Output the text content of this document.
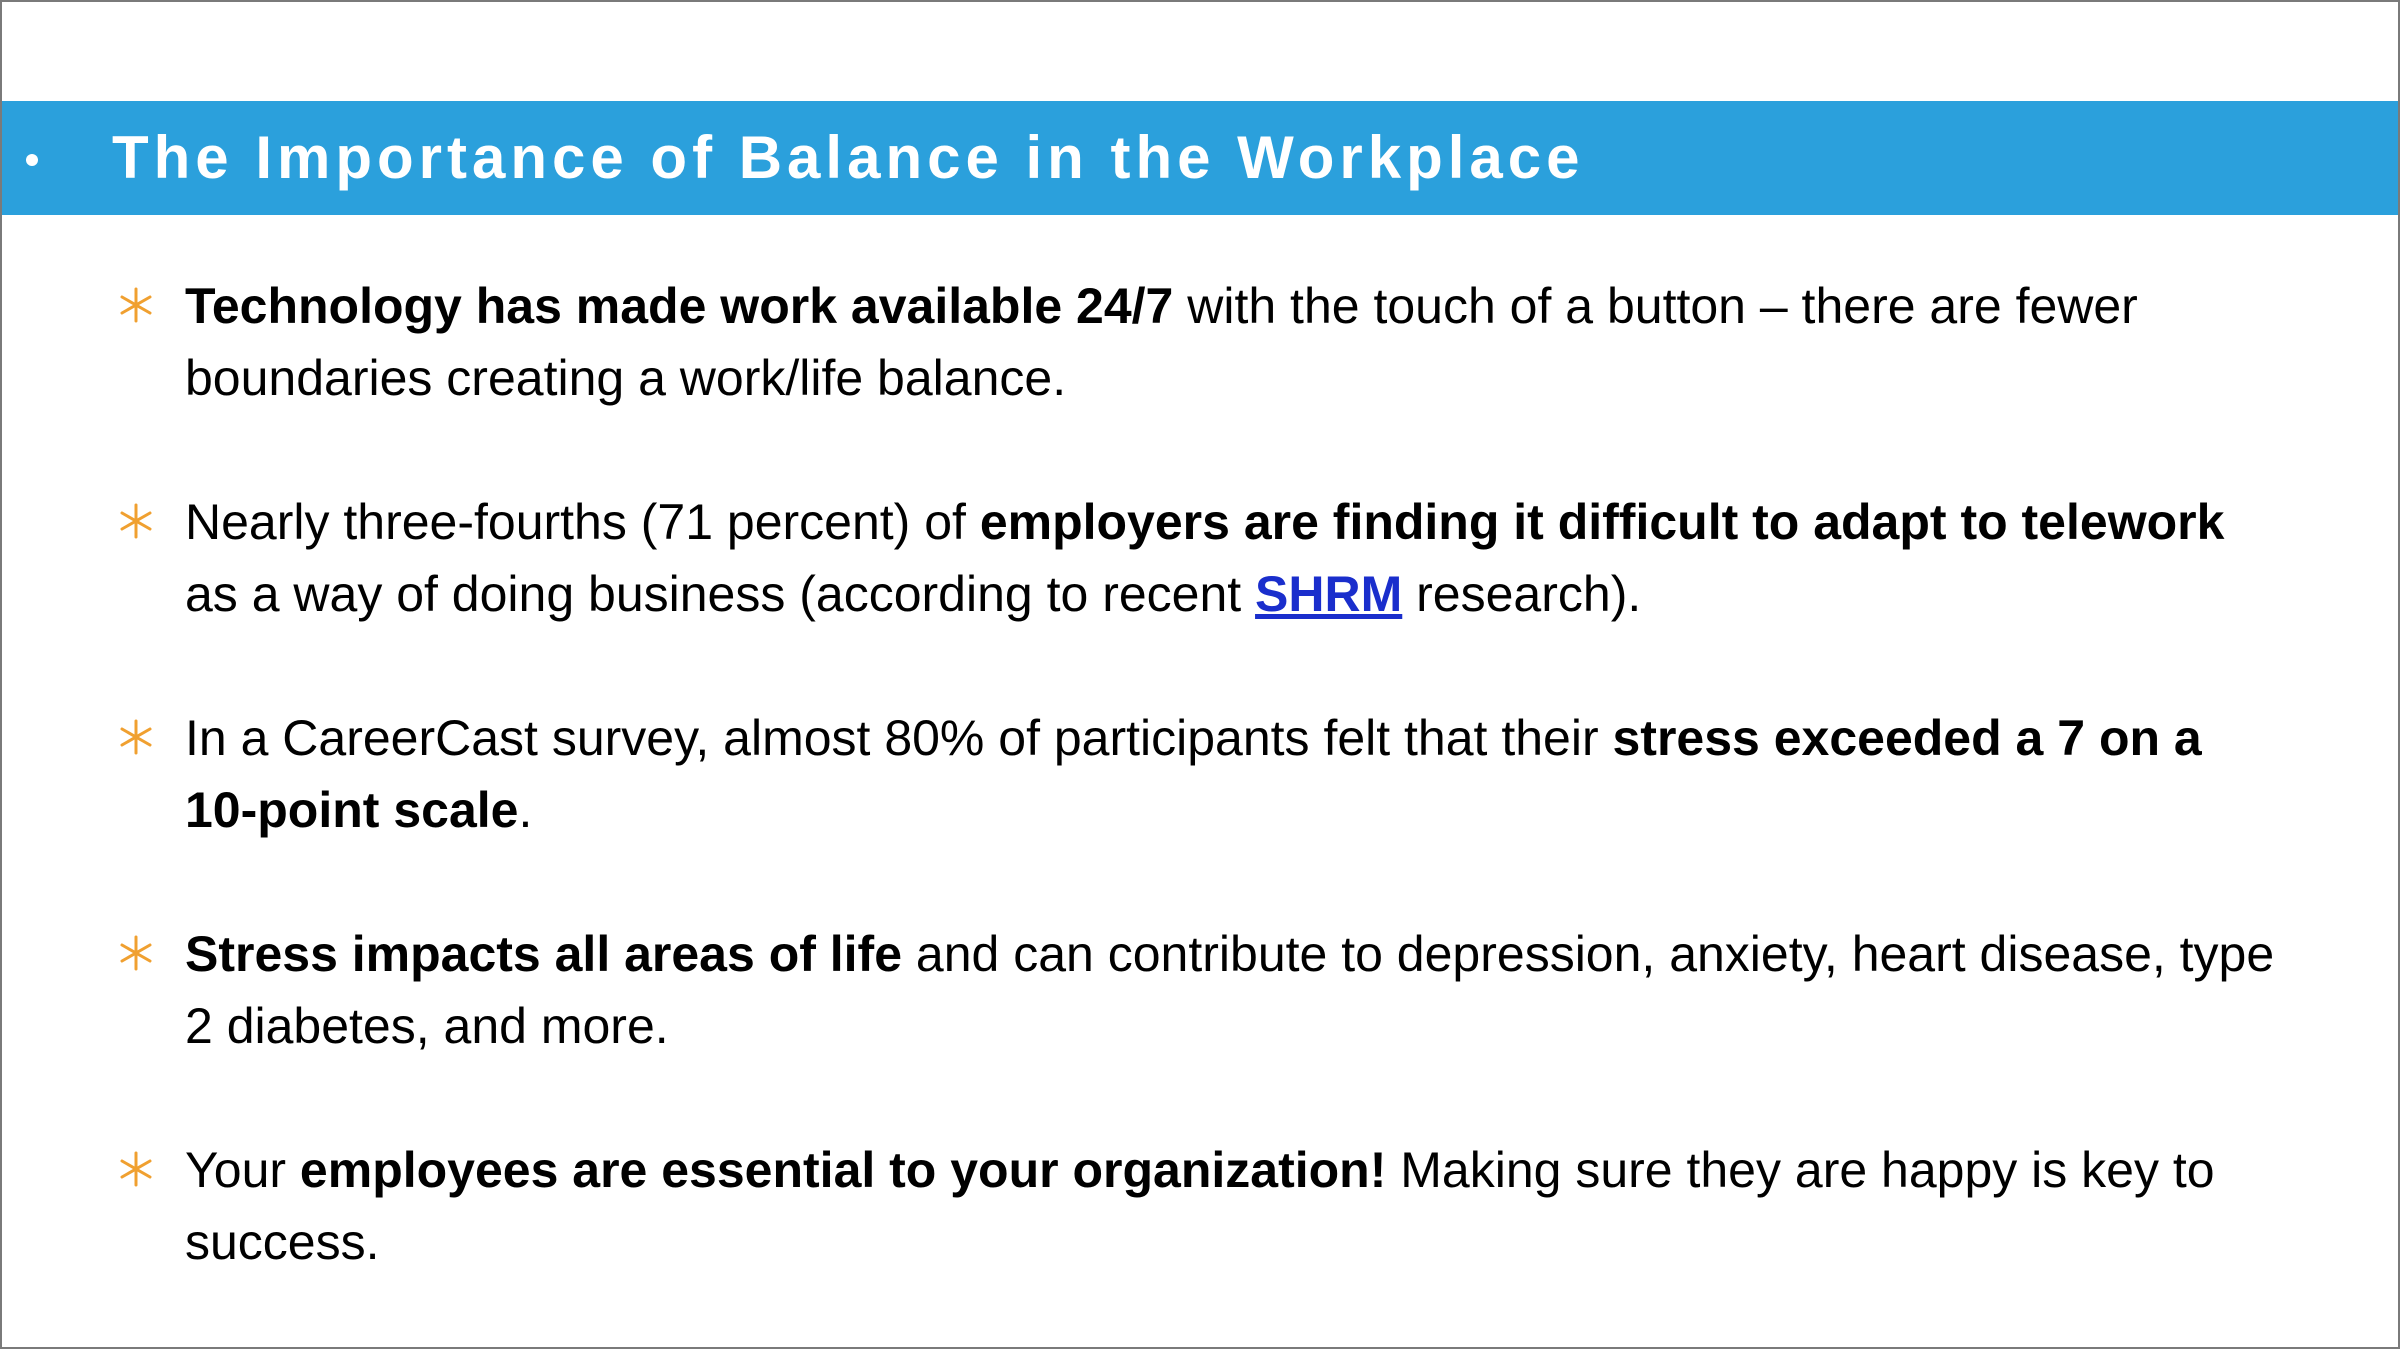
The Importance of Balance in the Workplace
Technology has made work available 24/7 with the touch of a button – there are fewer boundaries creating a work/life balance.
Nearly three-fourths (71 percent) of employers are finding it difficult to adapt to telework as a way of doing business (according to recent SHRM research).
In a CareerCast survey, almost 80% of participants felt that their stress exceeded a 7 on a 10-point scale.
Stress impacts all areas of life and can contribute to depression, anxiety, heart disease, type 2 diabetes, and more.
Your employees are essential to your organization! Making sure they are happy is key to success.
